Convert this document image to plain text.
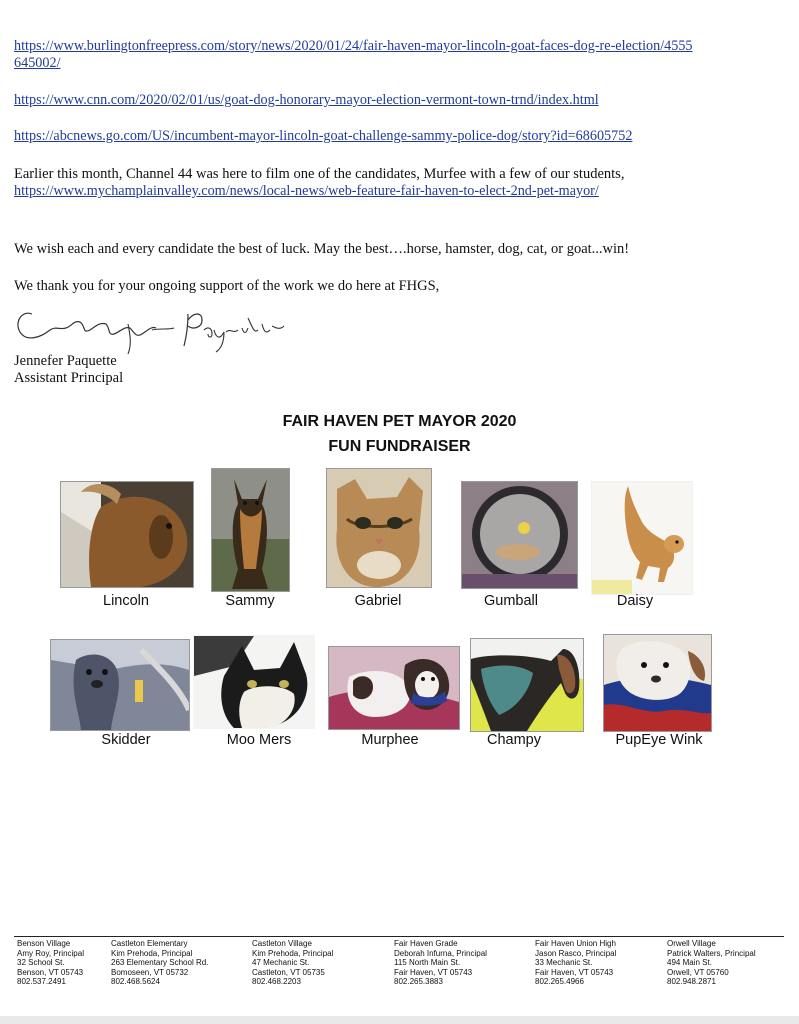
https://www.burlingtonfreepress.com/story/news/2020/01/24/fair-haven-mayor-lincoln-goat-faces-dog-re-election/4555
645002/
https://www.cnn.com/2020/02/01/us/goat-dog-honorary-mayor-election-vermont-town-trnd/index.html
https://abcnews.go.com/US/incumbent-mayor-lincoln-goat-challenge-sammy-police-dog/story?id=68605752
Earlier this month, Channel 44 was here to film one of the candidates, Murfee with a few of our students,
https://www.mychamplainvalley.com/news/local-news/web-feature-fair-haven-to-elect-2nd-pet-mayor/
We wish each and every candidate the best of luck. May the best….horse, hamster, dog, cat, or goat...win!
We thank you for your ongoing support of the work we do here at FHGS,
Jennefer Paquette
Assistant Principal
FAIR HAVEN PET MAYOR 2020
FUN FUNDRAISER
Lincoln	Sammy	Gabriel	Gumball	Daisy
Skidder	Moo Mers	Murphee	Champy	PupEye Wink
Benson Village
Amy Roy, Principal
32 School St.
Benson, VT 05743
802.537.2491
Castleton Elementary
Kim Prehoda, Principal
263 Elementary School Rd.
Bomoseen, VT 05732
802.468.5624
Castleton Village
Kim Prehoda, Principal
47 Mechanic St.
Castleton, VT 05735
802.468.2203
Fair Haven Grade
Deborah Infurna, Principal
115 North Main St.
Fair Haven, VT 05743
802.265.3883
Fair Haven Union High
Jason Rasco, Principal
33 Mechanic St.
Fair Haven, VT 05743
802.265.4966
Orwell Village
Patrick Walters, Principal
494 Main St.
Orwell, VT 05760
802.948.2871
